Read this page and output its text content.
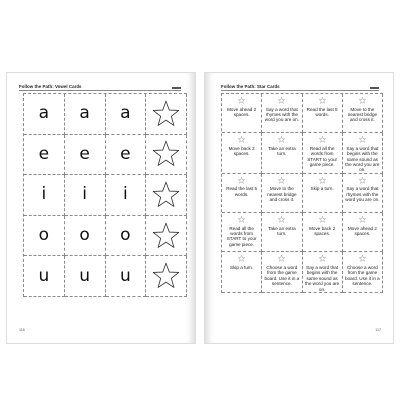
Follow the Path: Vowel Cards
a a a
e e e
i i i
o o o
u u u
116
Follow the Path: Star Cards
Move ahead 2 spaces.
Say a word that rhymes with the word you are on.
Read the last 5 words.
Move to the nearest bridge and cross it.
Move back 2 spaces.
Take an extra turn.
Read all the words from START to your game piece.
Say a word that begins with the same sound as the word you are on.
Read the last 5 words.
Move to the nearest bridge and cross it.
Skip a turn.	Say a word that rhymes with the word you are on.
Read all the words from START to your game piece.
Take an extra turn.
Move back 2 spaces.
Move ahead 2 spaces.
Skip a turn.	Choose a word from the game board. Use it in a sentence.
Say a word that begins with the same sound as the word you are on.
Choose a word from the game board. Use it in a sentence.
117
